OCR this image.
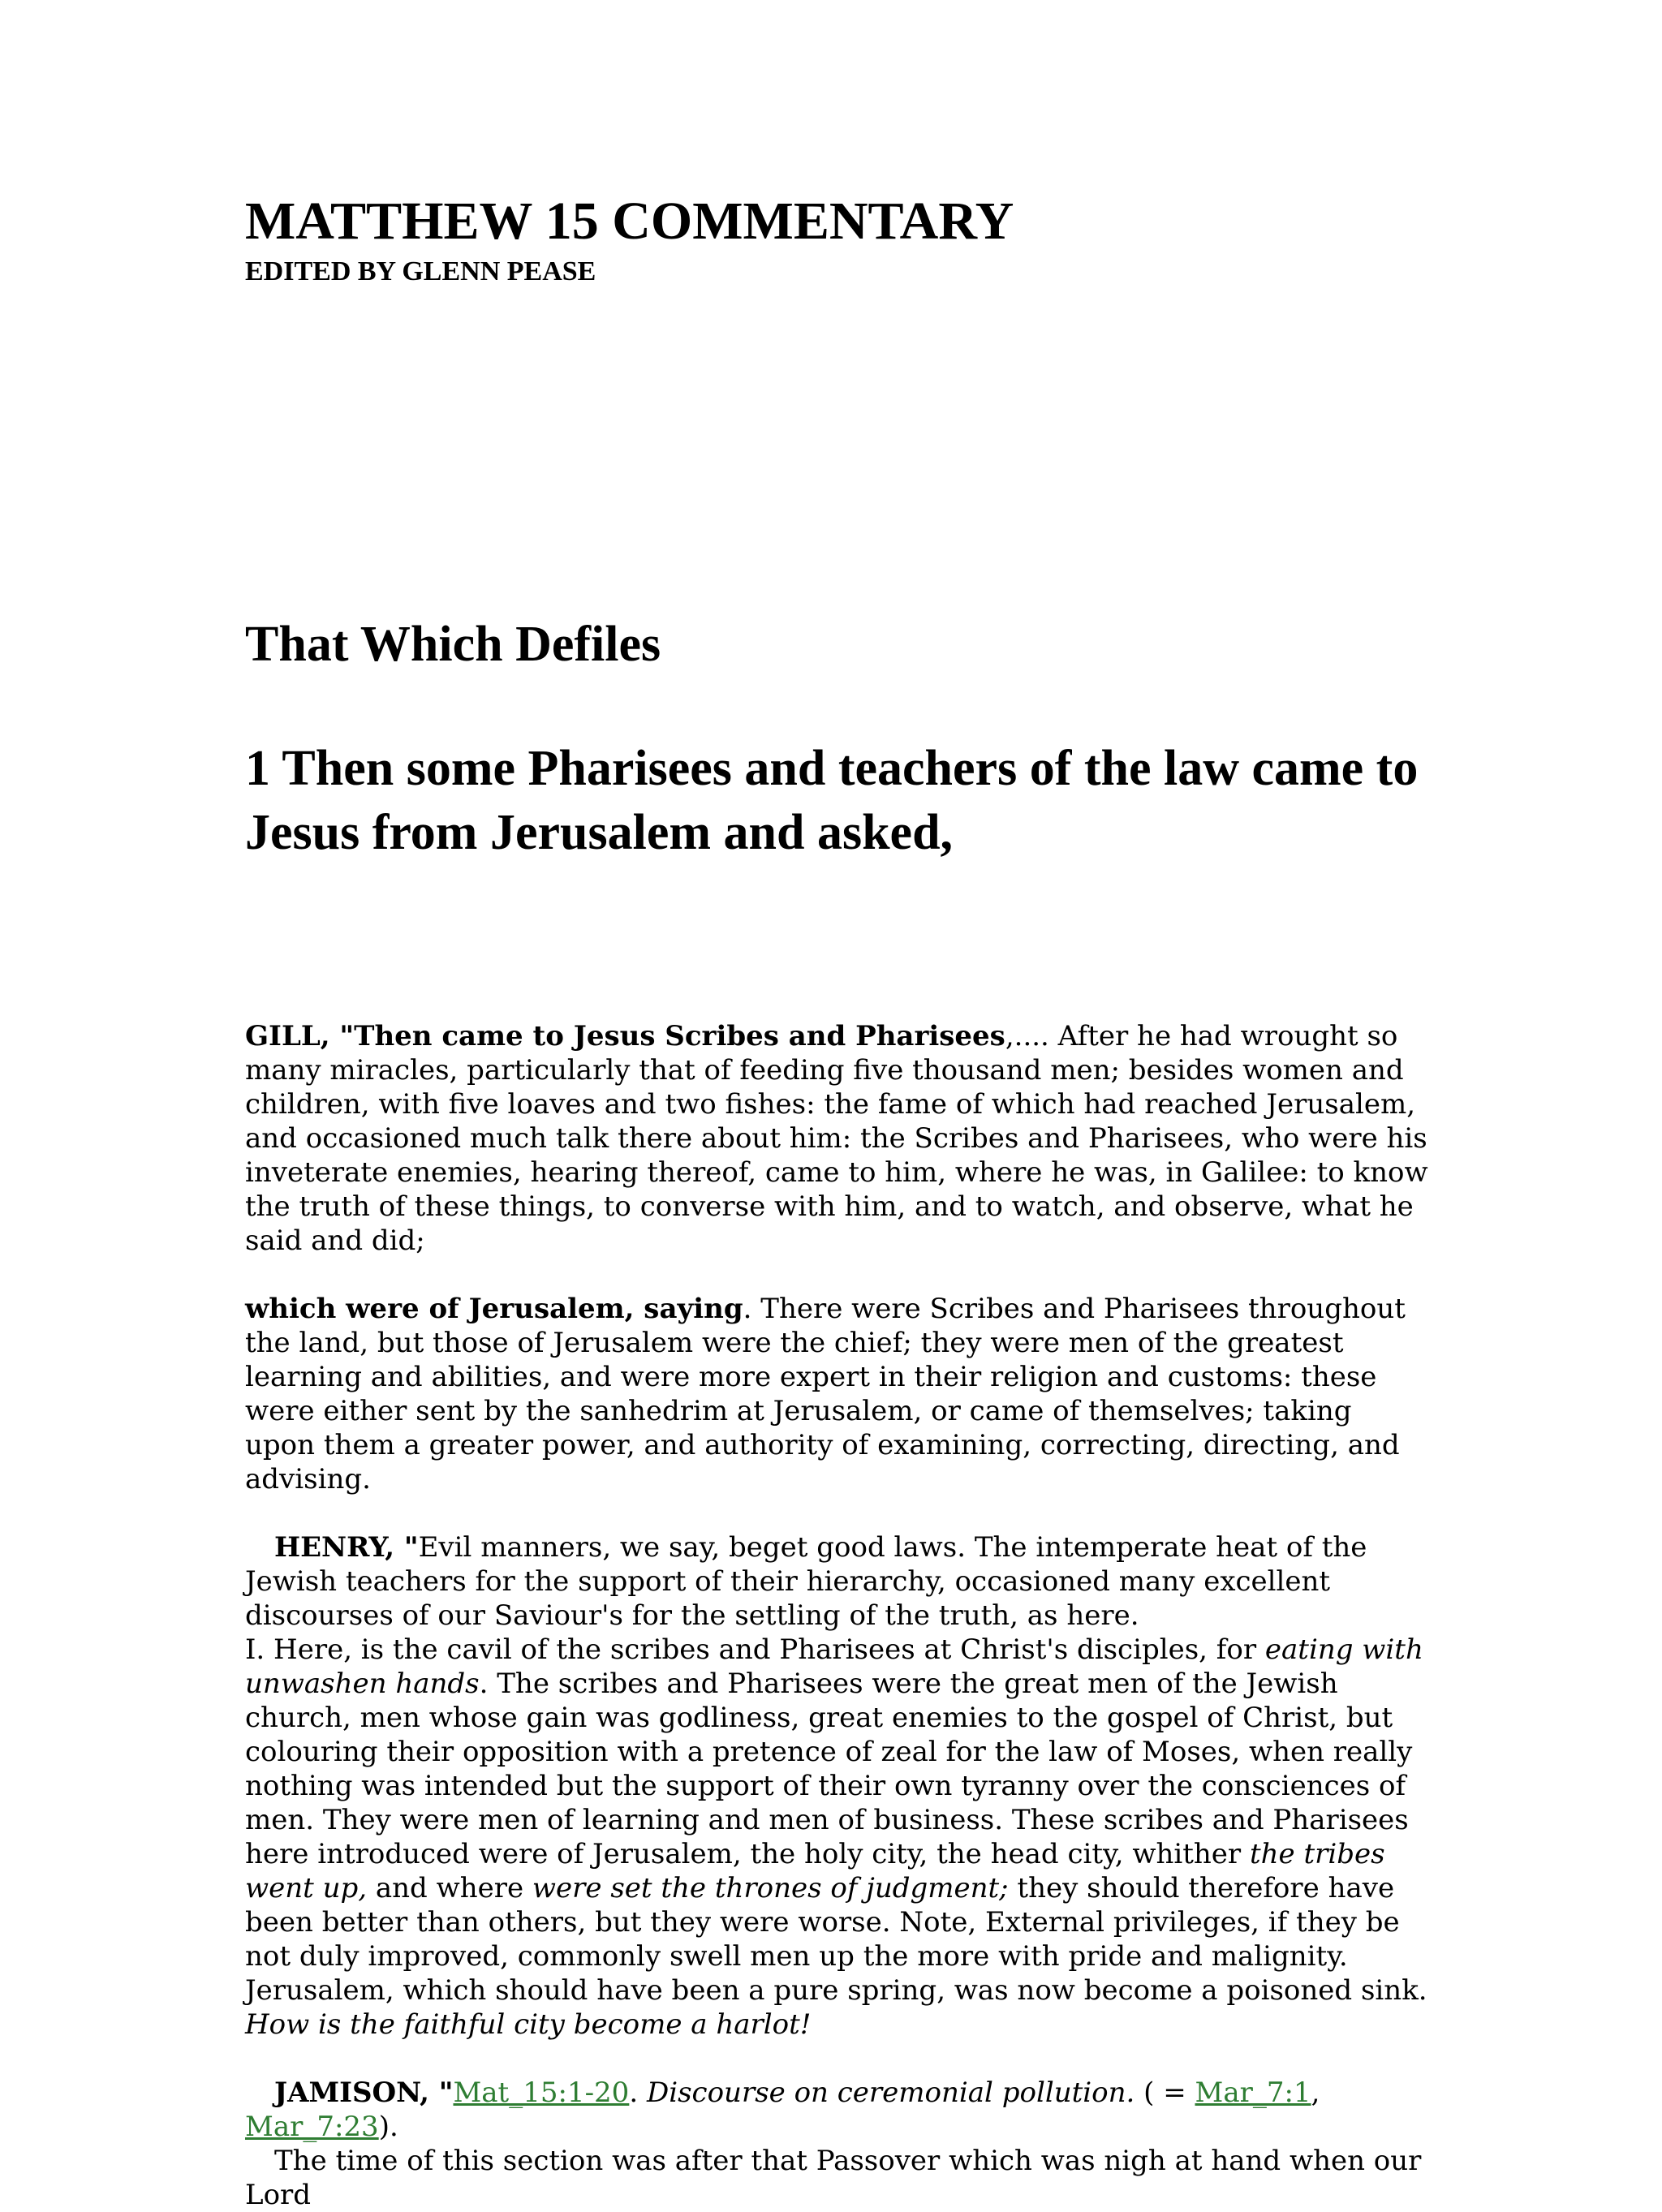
MATTHEW 15 COMMENTARY
EDITED BY GLENN PEASE
That Which Defiles
1 Then some Pharisees and teachers of the law came to Jesus from Jerusalem and asked,

GILL, "Then came to Jesus Scribes and Pharisees,.... After he had wrought so many miracles, particularly that of feeding five thousand men; besides women and children, with five loaves and two fishes: the fame of which had reached Jerusalem, and occasioned much talk there about him: the Scribes and Pharisees, who were his inveterate enemies, hearing thereof, came to him, where he was, in Galilee: to know the truth of these things, to converse with him, and to watch, and observe, what he said and did;

which were of Jerusalem, saying. There were Scribes and Pharisees throughout the land, but those of Jerusalem were the chief; they were men of the greatest learning and abilities, and were more expert in their religion and customs: these were either sent by the sanhedrim at Jerusalem, or came of themselves; taking upon them a greater power, and authority of examining, correcting, directing, and advising.

HENRY, "Evil manners, we say, beget good laws. The intemperate heat of the Jewish teachers for the support of their hierarchy, occasioned many excellent discourses of our Saviour's for the settling of the truth, as here.

I. Here, is the cavil of the scribes and Pharisees at Christ's disciples, for eating with unwashen hands. The scribes and Pharisees were the great men of the Jewish church, men whose gain was godliness, great enemies to the gospel of Christ, but colouring their opposition with a pretence of zeal for the law of Moses, when really nothing was intended but the support of their own tyranny over the consciences of men. They were men of learning and men of business. These scribes and Pharisees here introduced were of Jerusalem, the holy city, the head city, whither the tribes went up, and where were set the thrones of judgment; they should therefore have been better than others, but they were worse. Note, External privileges, if they be not duly improved, commonly swell men up the more with pride and malignity. Jerusalem, which should have been a pure spring, was now become a poisoned sink. How is the faithful city become a harlot!

JAMISON, "Mat_15:1-20. Discourse on ceremonial pollution. ( = Mar_7:1, Mar_7:23).

The time of this section was after that Passover which was nigh at hand when our Lord
